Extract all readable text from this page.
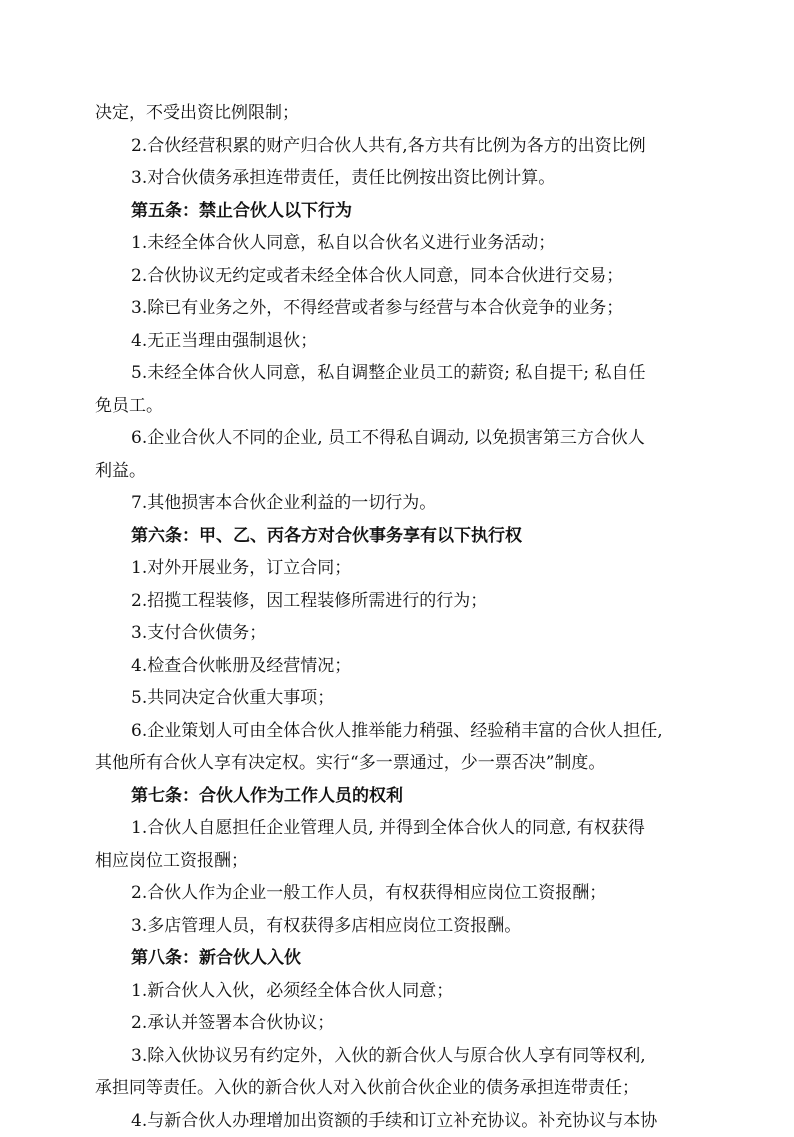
决定，不受出资比例限制；
2.合伙经营积累的财产归合伙人共有,各方共有比例为各方的出资比例
3.对合伙债务承担连带责任，责任比例按出资比例计算。
第五条：禁止合伙人以下行为
1.未经全体合伙人同意，私自以合伙名义进行业务活动；
2.合伙协议无约定或者未经全体合伙人同意，同本合伙进行交易；
3.除已有业务之外，不得经营或者参与经营与本合伙竞争的业务；
4.无正当理由强制退伙；
5.未经全体合伙人同意，私自调整企业员工的薪资; 私自提干; 私自任
免员工。
6.企业合伙人不同的企业, 员工不得私自调动, 以免损害第三方合伙人
利益。
7.其他损害本合伙企业利益的一切行为。
第六条：甲、乙、丙各方对合伙事务享有以下执行权
1.对外开展业务，订立合同；
2.招揽工程装修，因工程装修所需进行的行为；
3.支付合伙债务；
4.检查合伙帐册及经营情况；
5.共同决定合伙重大事项；
6.企业策划人可由全体合伙人推举能力稍强、经验稍丰富的合伙人担任,
其他所有合伙人享有决定权。实行“多一票通过，少一票否决”制度。
第七条：合伙人作为工作人员的权利
1.合伙人自愿担任企业管理人员, 并得到全体合伙人的同意, 有权获得
相应岗位工资报酬；
2.合伙人作为企业一般工作人员，有权获得相应岗位工资报酬；
3.多店管理人员，有权获得多店相应岗位工资报酬。
第八条：新合伙人入伙
1.新合伙人入伙，必须经全体合伙人同意；
2.承认并签署本合伙协议；
3.除入伙协议另有约定外，入伙的新合伙人与原合伙人享有同等权利,
承担同等责任。入伙的新合伙人对入伙前合伙企业的债务承担连带责任；
4.与新合伙人办理增加出资额的手续和订立补充协议。补充协议与本协
